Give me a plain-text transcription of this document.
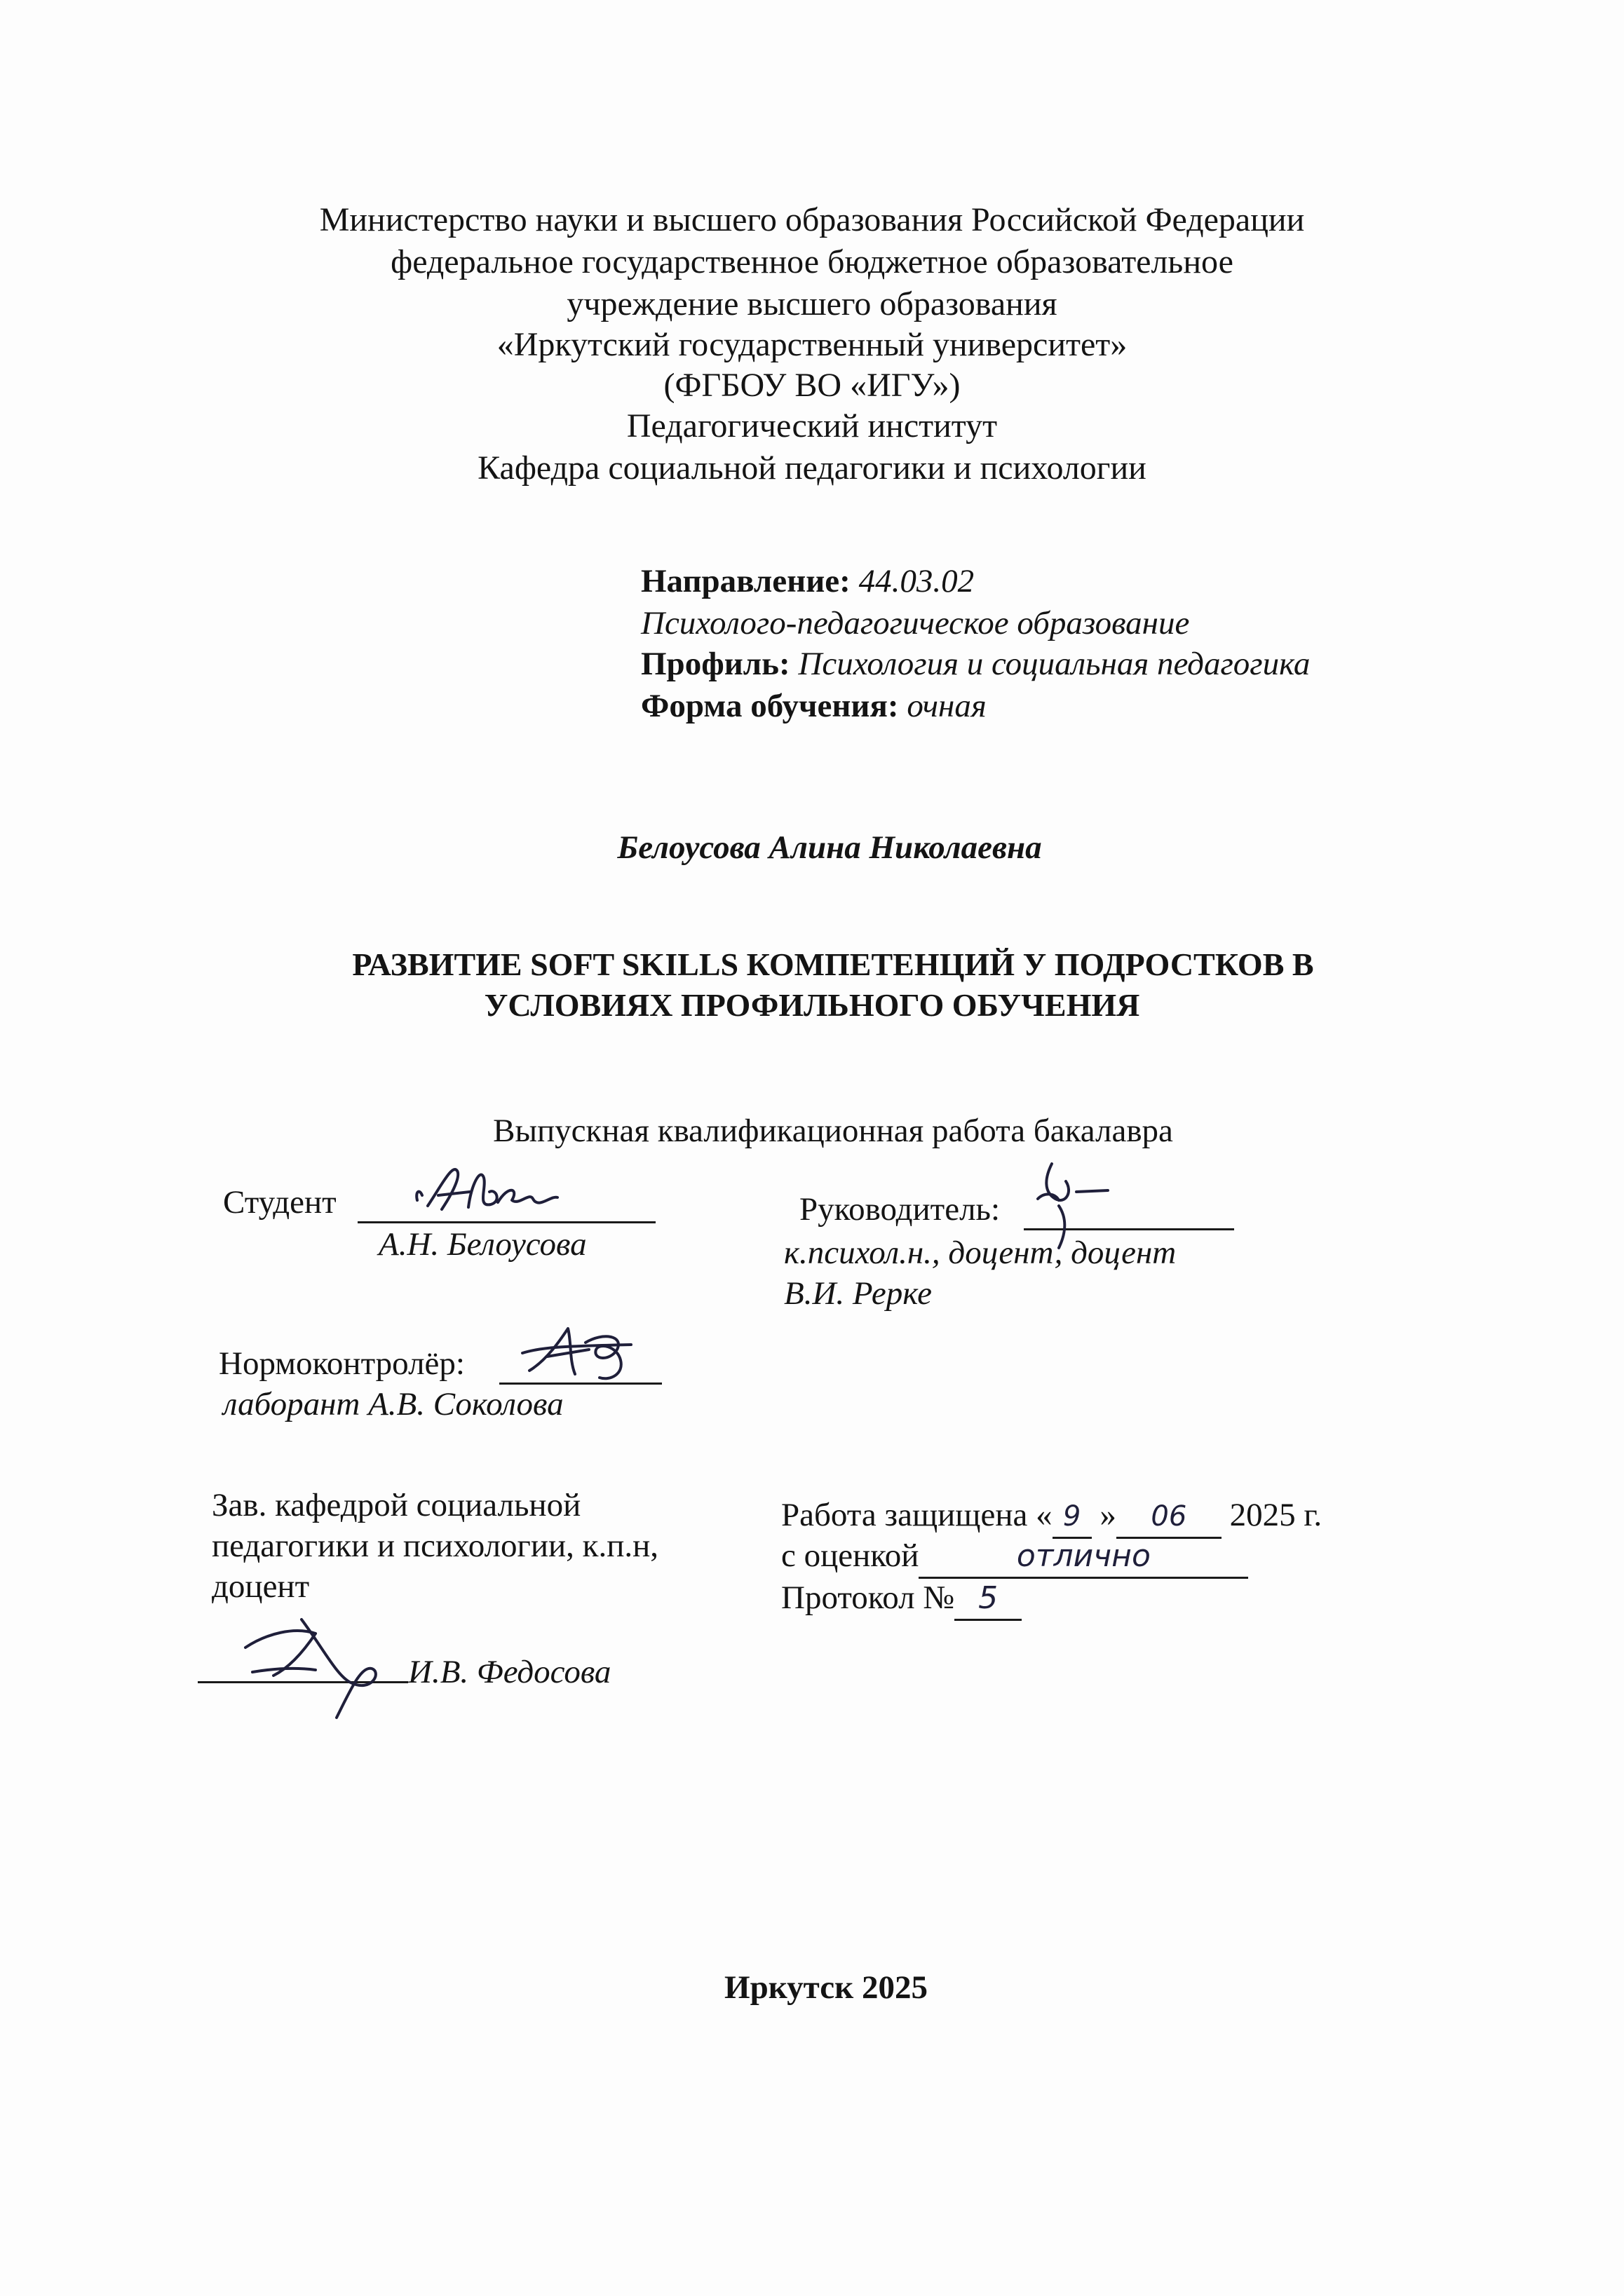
Министерство науки и высшего образования Российской Федерации
федеральное государственное бюджетное образовательное
учреждение высшего образования
«Иркутский государственный университет»
(ФГБОУ ВО «ИГУ»)
Педагогический институт
Кафедра социальной педагогики и психологии
Направление: 44.03.02
Психолого-педагогическое образование
Профиль: Психология и социальная педагогика
Форма обучения: очная
Белоусова Алина Николаевна
РАЗВИТИЕ SOFT SKILLS КОМПЕТЕНЦИЙ У ПОДРОСТКОВ В
УСЛОВИЯХ ПРОФИЛЬНОГО ОБУЧЕНИЯ
Выпускная квалификационная работа бакалавра
Студент
А.Н. Белоусова
Руководитель:
к.психол.н., доцент, доцент
В.И. Рерке
Нормоконтролёр:
лаборант А.В. Соколова
Зав. кафедрой социальной
педагогики и психологии, к.п.н,
доцент
И.В. Федосова
Работа защищена « 9 » 06 2025 г.
с оценкой	отлично
Протокол № 5
Иркутск 2025
